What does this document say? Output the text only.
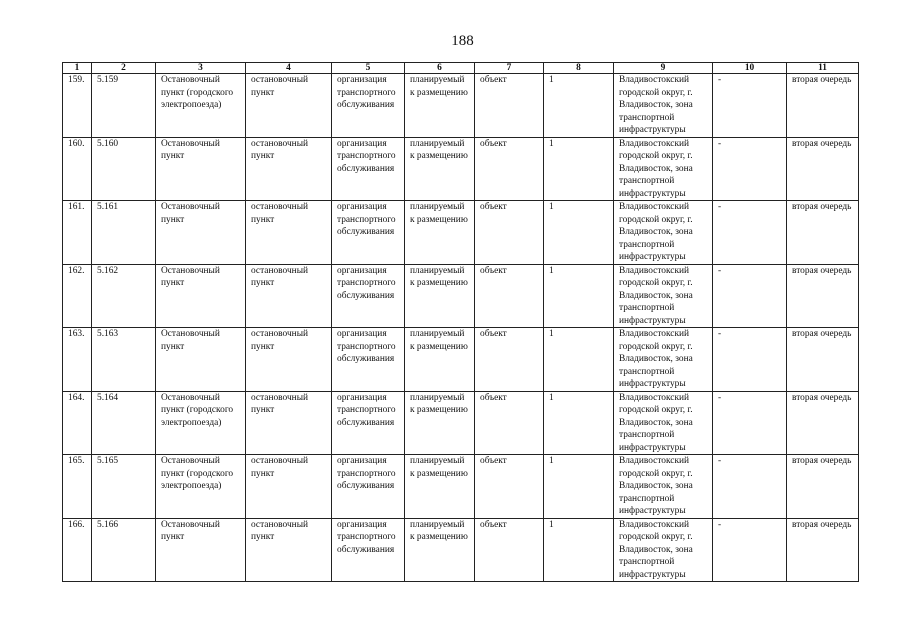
188
1	2	3	4	5	6	7	8	9	10	11
159.	5.159	Остановочный пункт (городского электропоезда)	остановочный пункт	организация транспортного обслуживания	планируемый к размещению	объект	1	Владивостокский городской округ, г. Владивосток, зона транспортной инфраструктуры	-	вторая очередь
160.	5.160	Остановочный пункт	остановочный пункт	организация транспортного обслуживания	планируемый к размещению	объект	1	Владивостокский городской округ, г. Владивосток, зона транспортной инфраструктуры	-	вторая очередь
161.	5.161	Остановочный пункт	остановочный пункт	организация транспортного обслуживания	планируемый к размещению	объект	1	Владивостокский городской округ, г. Владивосток, зона транспортной инфраструктуры	-	вторая очередь
162.	5.162	Остановочный пункт	остановочный пункт	организация транспортного обслуживания	планируемый к размещению	объект	1	Владивостокский городской округ, г. Владивосток, зона транспортной инфраструктуры	-	вторая очередь
163.	5.163	Остановочный пункт	остановочный пункт	организация транспортного обслуживания	планируемый к размещению	объект	1	Владивостокский городской округ, г. Владивосток, зона транспортной инфраструктуры	-	вторая очередь
164.	5.164	Остановочный пункт (городского электропоезда)	остановочный пункт	организация транспортного обслуживания	планируемый к размещению	объект	1	Владивостокский городской округ, г. Владивосток, зона транспортной инфраструктуры	-	вторая очередь
165.	5.165	Остановочный пункт (городского электропоезда)	остановочный пункт	организация транспортного обслуживания	планируемый к размещению	объект	1	Владивостокский городской округ, г. Владивосток, зона транспортной инфраструктуры	-	вторая очередь
166.	5.166	Остановочный пункт	остановочный пункт	организация транспортного обслуживания	планируемый к размещению	объект	1	Владивостокский городской округ, г. Владивосток, зона транспортной инфраструктуры	-	вторая очередь
